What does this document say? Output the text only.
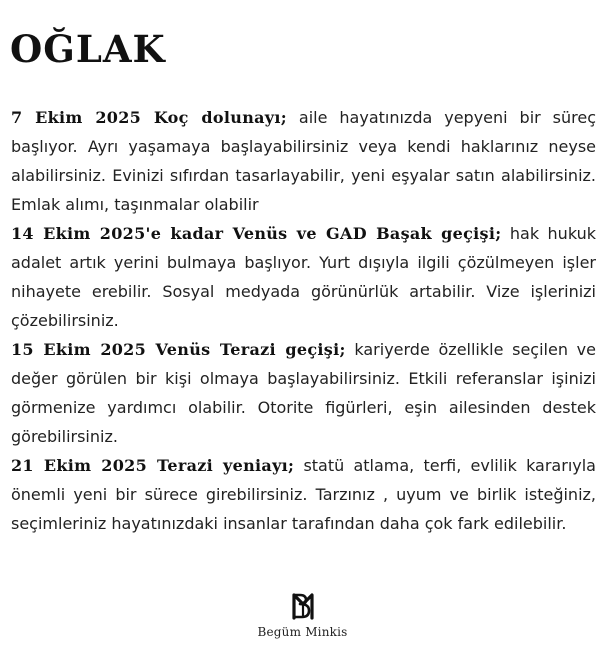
OĞLAK

7 Ekim 2025 Koç dolunayı; aile hayatınızda yepyeni bir süreç başlıyor. Ayrı yaşamaya başlayabilirsiniz veya kendi haklarınız neyse alabilirsiniz. Evinizi sıfırdan tasarlayabilir, yeni eşyalar satın alabilirsiniz. Emlak alımı, taşınmalar olabilir

14 Ekim 2025'e kadar Venüs ve GAD Başak geçişi; hak hukuk adalet artık yerini bulmaya başlıyor. Yurt dışıyla ilgili çözülmeyen işler nihayete erebilir. Sosyal medyada görünürlük artabilir. Vize işlerinizi çözebilirsiniz.

15 Ekim 2025 Venüs Terazi geçişi; kariyerde özellikle seçilen ve değer görülen bir kişi olmaya başlayabilirsiniz. Etkili referanslar işinizi görmenize yardımcı olabilir. Otorite figürleri, eşin ailesinden destek görebilirsiniz.

21 Ekim 2025 Terazi yeniayı; statü atlama, terfi, evlilik kararıyla önemli yeni bir sürece girebilirsiniz. Tarzınız , uyum ve birlik isteğiniz, seçimleriniz hayatınızdaki insanlar tarafından daha çok fark edilebilir.

Begüm Minkis
